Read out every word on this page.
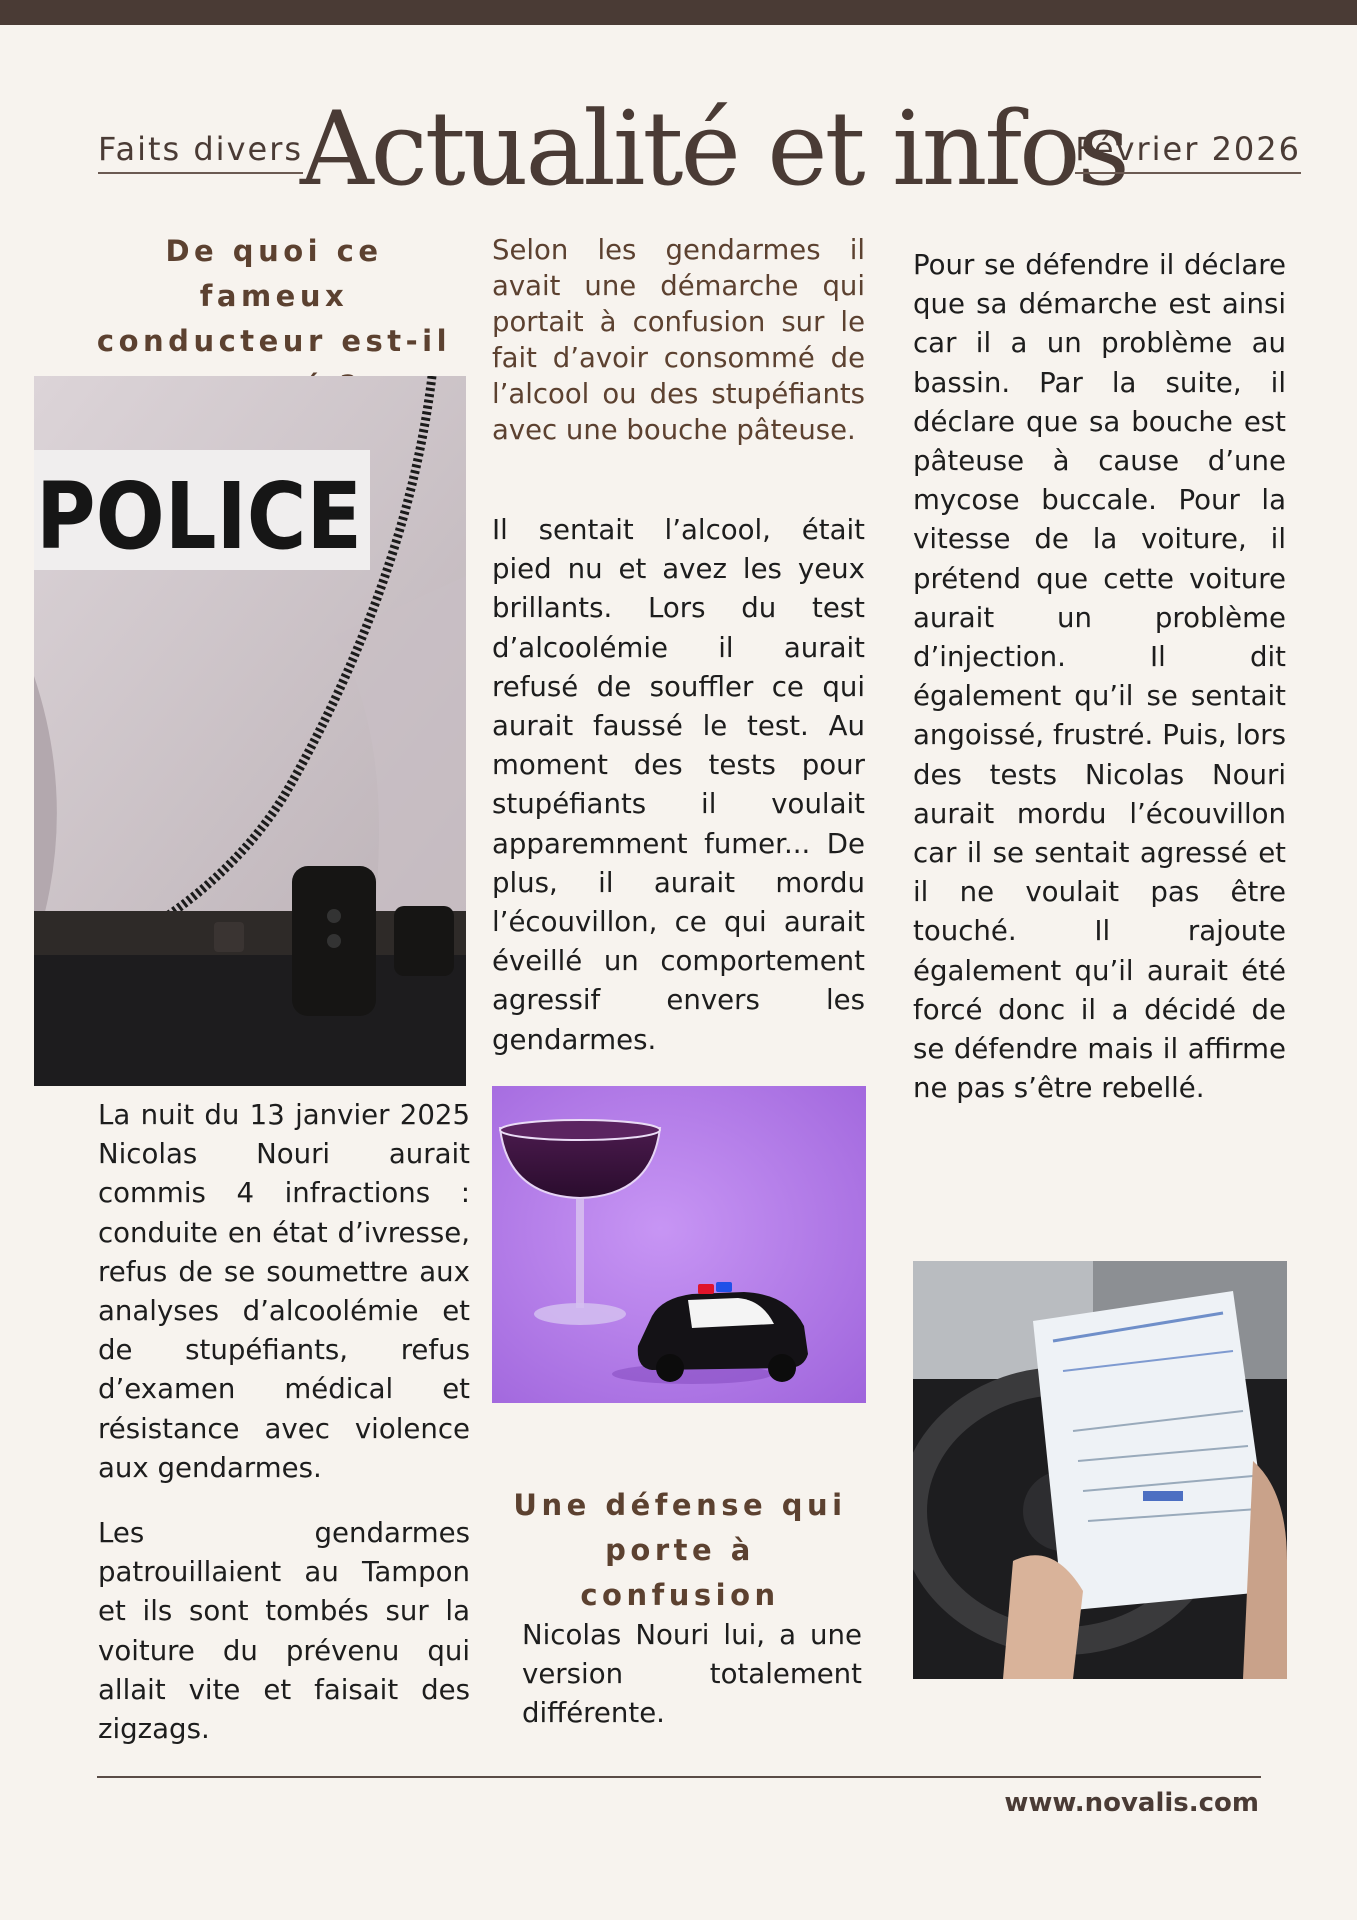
Faits divers
Actualité et infos
Février 2026
De quoi ce fameux conducteur est-il
POLICE

La nuit du 13 janvier 2025 Nicolas Nouri aurait commis 4 infractions : conduite en état d’ivresse, refus de se soumettre aux analyses d’alcoolémie et de stupéfiants, refus d’examen médical et résistance avec violence aux gendarmes.

Les gendarmes patrouillaient au Tampon et ils sont tombés sur la voiture du prévenu qui allait vite et faisait des zigzags.

Selon les gendarmes il avait une démarche qui portait à confusion sur le fait d’avoir consommé de l’alcool ou des stupéfiants avec une bouche pâteuse.

Il sentait l’alcool, était pied nu et avez les yeux brillants. Lors du test d’alcoolémie il aurait refusé de souffler ce qui aurait faussé le test. Au moment des tests pour stupéfiants il voulait apparemment fumer... De plus, il aurait mordu l’écouvillon, ce qui aurait éveillé un comportement agressif envers les gendarmes.

Une défense qui porte à confusion

Nicolas Nouri lui, a une version totalement différente.

Pour se défendre il déclare que sa démarche est ainsi car il a un problème au bassin. Par la suite, il déclare que sa bouche est pâteuse à cause d’une mycose buccale. Pour la vitesse de la voiture, il prétend que cette voiture aurait un problème d’injection. Il dit également qu’il se sentait angoissé, frustré. Puis, lors des tests Nicolas Nouri aurait mordu l’écouvillon car il se sentait agressé et il ne voulait pas être touché. Il rajoute également qu’il aurait été forcé donc il a décidé de se défendre mais il affirme ne pas s’être rebellé.

www.novalis.com
